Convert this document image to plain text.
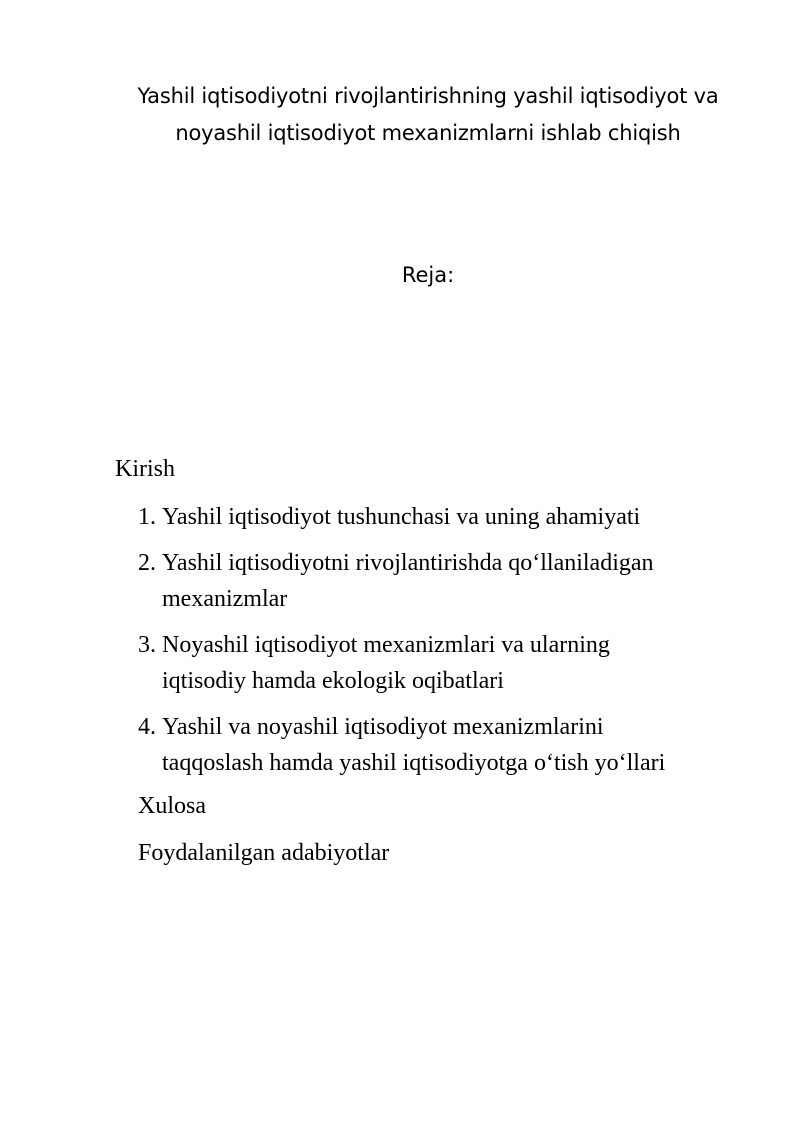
Yashil iqtisodiyotni rivojlantirishning yashil iqtisodiyot va
noyashil iqtisodiyot mexanizmlarni ishlab chiqish
Reja:
Kirish
1. Yashil iqtisodiyot tushunchasi va uning ahamiyati
2. Yashil iqtisodiyotni rivojlantirishda qo‘llaniladigan
mexanizmlar
3. Noyashil iqtisodiyot mexanizmlari va ularning
iqtisodiy hamda ekologik oqibatlari
4. Yashil va noyashil iqtisodiyot mexanizmlarini
taqqoslash hamda yashil iqtisodiyotga o‘tish yo‘llari
Xulosa
Foydalanilgan adabiyotlar
